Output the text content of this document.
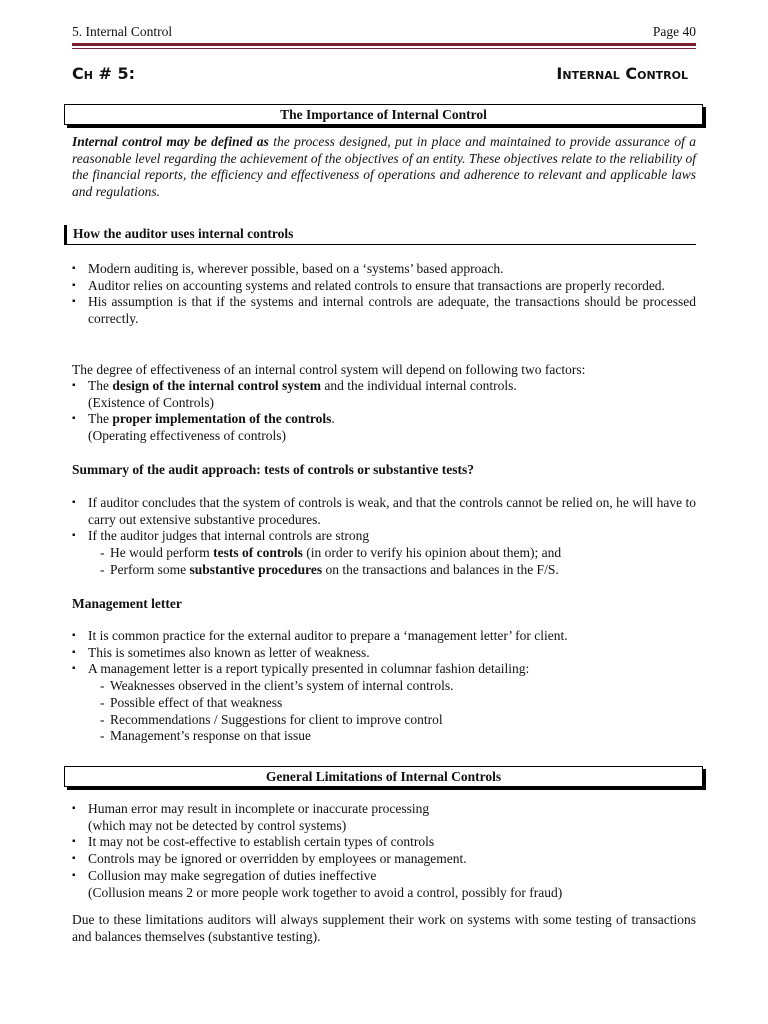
5. Internal Control	Page 40
Ch # 5:	Internal Control
The Importance of Internal Control
Internal control may be defined as the process designed, put in place and maintained to provide assurance of a reasonable level regarding the achievement of the objectives of an entity. These objectives relate to the reliability of the financial reports, the efficiency and effectiveness of operations and adherence to relevant and applicable laws and regulations.
How the auditor uses internal controls
▪ Modern auditing is, wherever possible, based on a ‘systems’ based approach.
▪ Auditor relies on accounting systems and related controls to ensure that transactions are properly recorded.
▪ His assumption is that if the systems and internal controls are adequate, the transactions should be processed correctly.
The degree of effectiveness of an internal control system will depend on following two factors:
▪ The design of the internal control system and the individual internal controls.
(Existence of Controls)
▪ The proper implementation of the controls.
(Operating effectiveness of controls)
Summary of the audit approach: tests of controls or substantive tests?
▪ If auditor concludes that the system of controls is weak, and that the controls cannot be relied on, he will have to carry out extensive substantive procedures.
▪ If the auditor judges that internal controls are strong
- He would perform tests of controls (in order to verify his opinion about them); and
- Perform some substantive procedures on the transactions and balances in the F/S.
Management letter
▪ It is common practice for the external auditor to prepare a ‘management letter’ for client.
▪ This is sometimes also known as letter of weakness.
▪ A management letter is a report typically presented in columnar fashion detailing:
- Weaknesses observed in the client’s system of internal controls.
- Possible effect of that weakness
- Recommendations / Suggestions for client to improve control
- Management’s response on that issue
General Limitations of Internal Controls
▪ Human error may result in incomplete or inaccurate processing
(which may not be detected by control systems)
▪ It may not be cost-effective to establish certain types of controls
▪ Controls may be ignored or overridden by employees or management.
▪ Collusion may make segregation of duties ineffective
(Collusion means 2 or more people work together to avoid a control, possibly for fraud)
Due to these limitations auditors will always supplement their work on systems with some testing of transactions and balances themselves (substantive testing).
